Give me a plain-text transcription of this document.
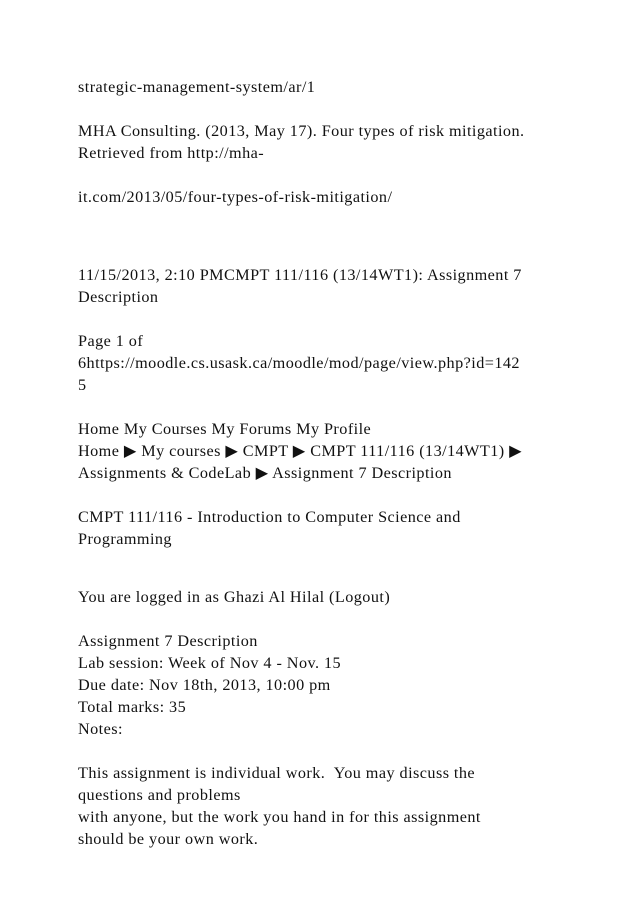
strategic-management-system/ar/1

MHA Consulting. (2013, May 17). Four types of risk mitigation.

Retrieved from http://mha-

it.com/2013/05/four-types-of-risk-mitigation/

11/15/2013, 2:10 PMCMPT 111/116 (13/14WT1): Assignment 7

Description

Page 1 of

6https://moodle.cs.usask.ca/moodle/mod/page/view.php?id=142

5

Home My Courses My Forums My Profile

Home ▶ My courses ▶ CMPT ▶ CMPT 111/116 (13/14WT1) ▶

Assignments & CodeLab ▶ Assignment 7 Description

CMPT 111/116 - Introduction to Computer Science and

Programming

You are logged in as Ghazi Al Hilal (Logout)

Assignment 7 Description

Lab session: Week of Nov 4 - Nov. 15

Due date: Nov 18th, 2013, 10:00 pm

Total marks: 35

Notes:

This assignment is individual work.  You may discuss the

questions and problems

with anyone, but the work you hand in for this assignment

should be your own work.
